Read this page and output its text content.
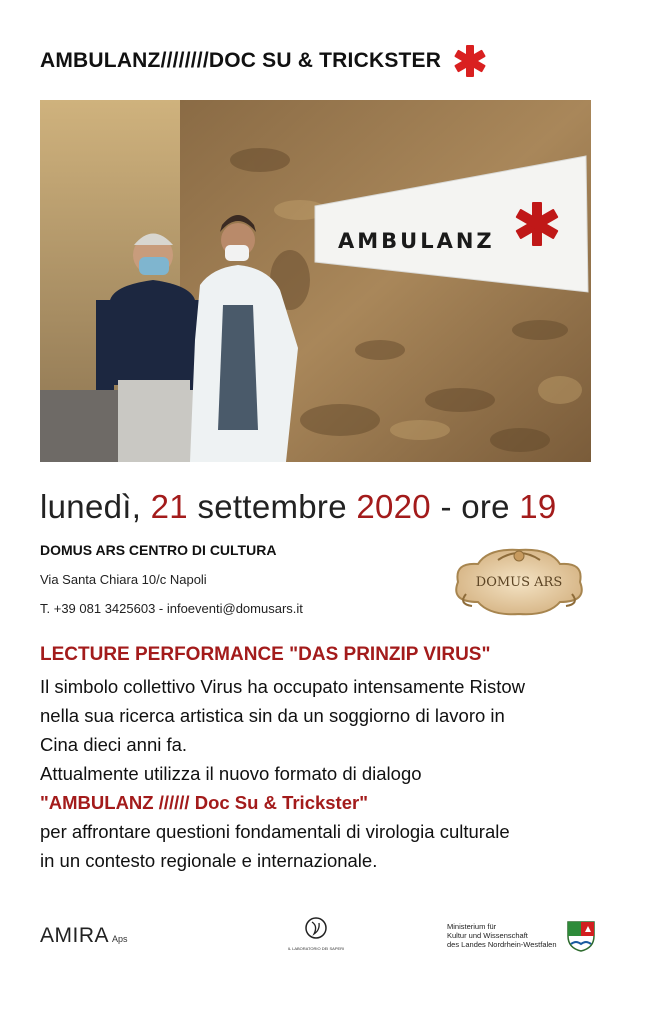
AMBULANZ////////DOC SU & TRICKSTER
AMBULANZ
lunedì, 21 settembre 2020 - ore 19
DOMUS ARS CENTRO DI CULTURA
Via Santa Chiara 10/c Napoli
T. +39 081 3425603 - infoeventi@domusars.it
DOMUS ARS
LECTURE PERFORMANCE "DAS PRINZIP VIRUS"
Il simbolo collettivo Virus ha occupato intensamente Ristow
nella sua ricerca artistica sin da un soggiorno di lavoro in
Cina dieci anni fa.
Attualmente utilizza il nuovo formato di dialogo
"AMBULANZ ////// Doc Su & Trickster"
per affrontare questioni fondamentali di virologia culturale
in un contesto regionale e internazionale.
AMIRA Aps
IL LABORATORIO DEI SAPERI
Ministerium für
Kultur und Wissenschaft
des Landes Nordrhein-Westfalen
